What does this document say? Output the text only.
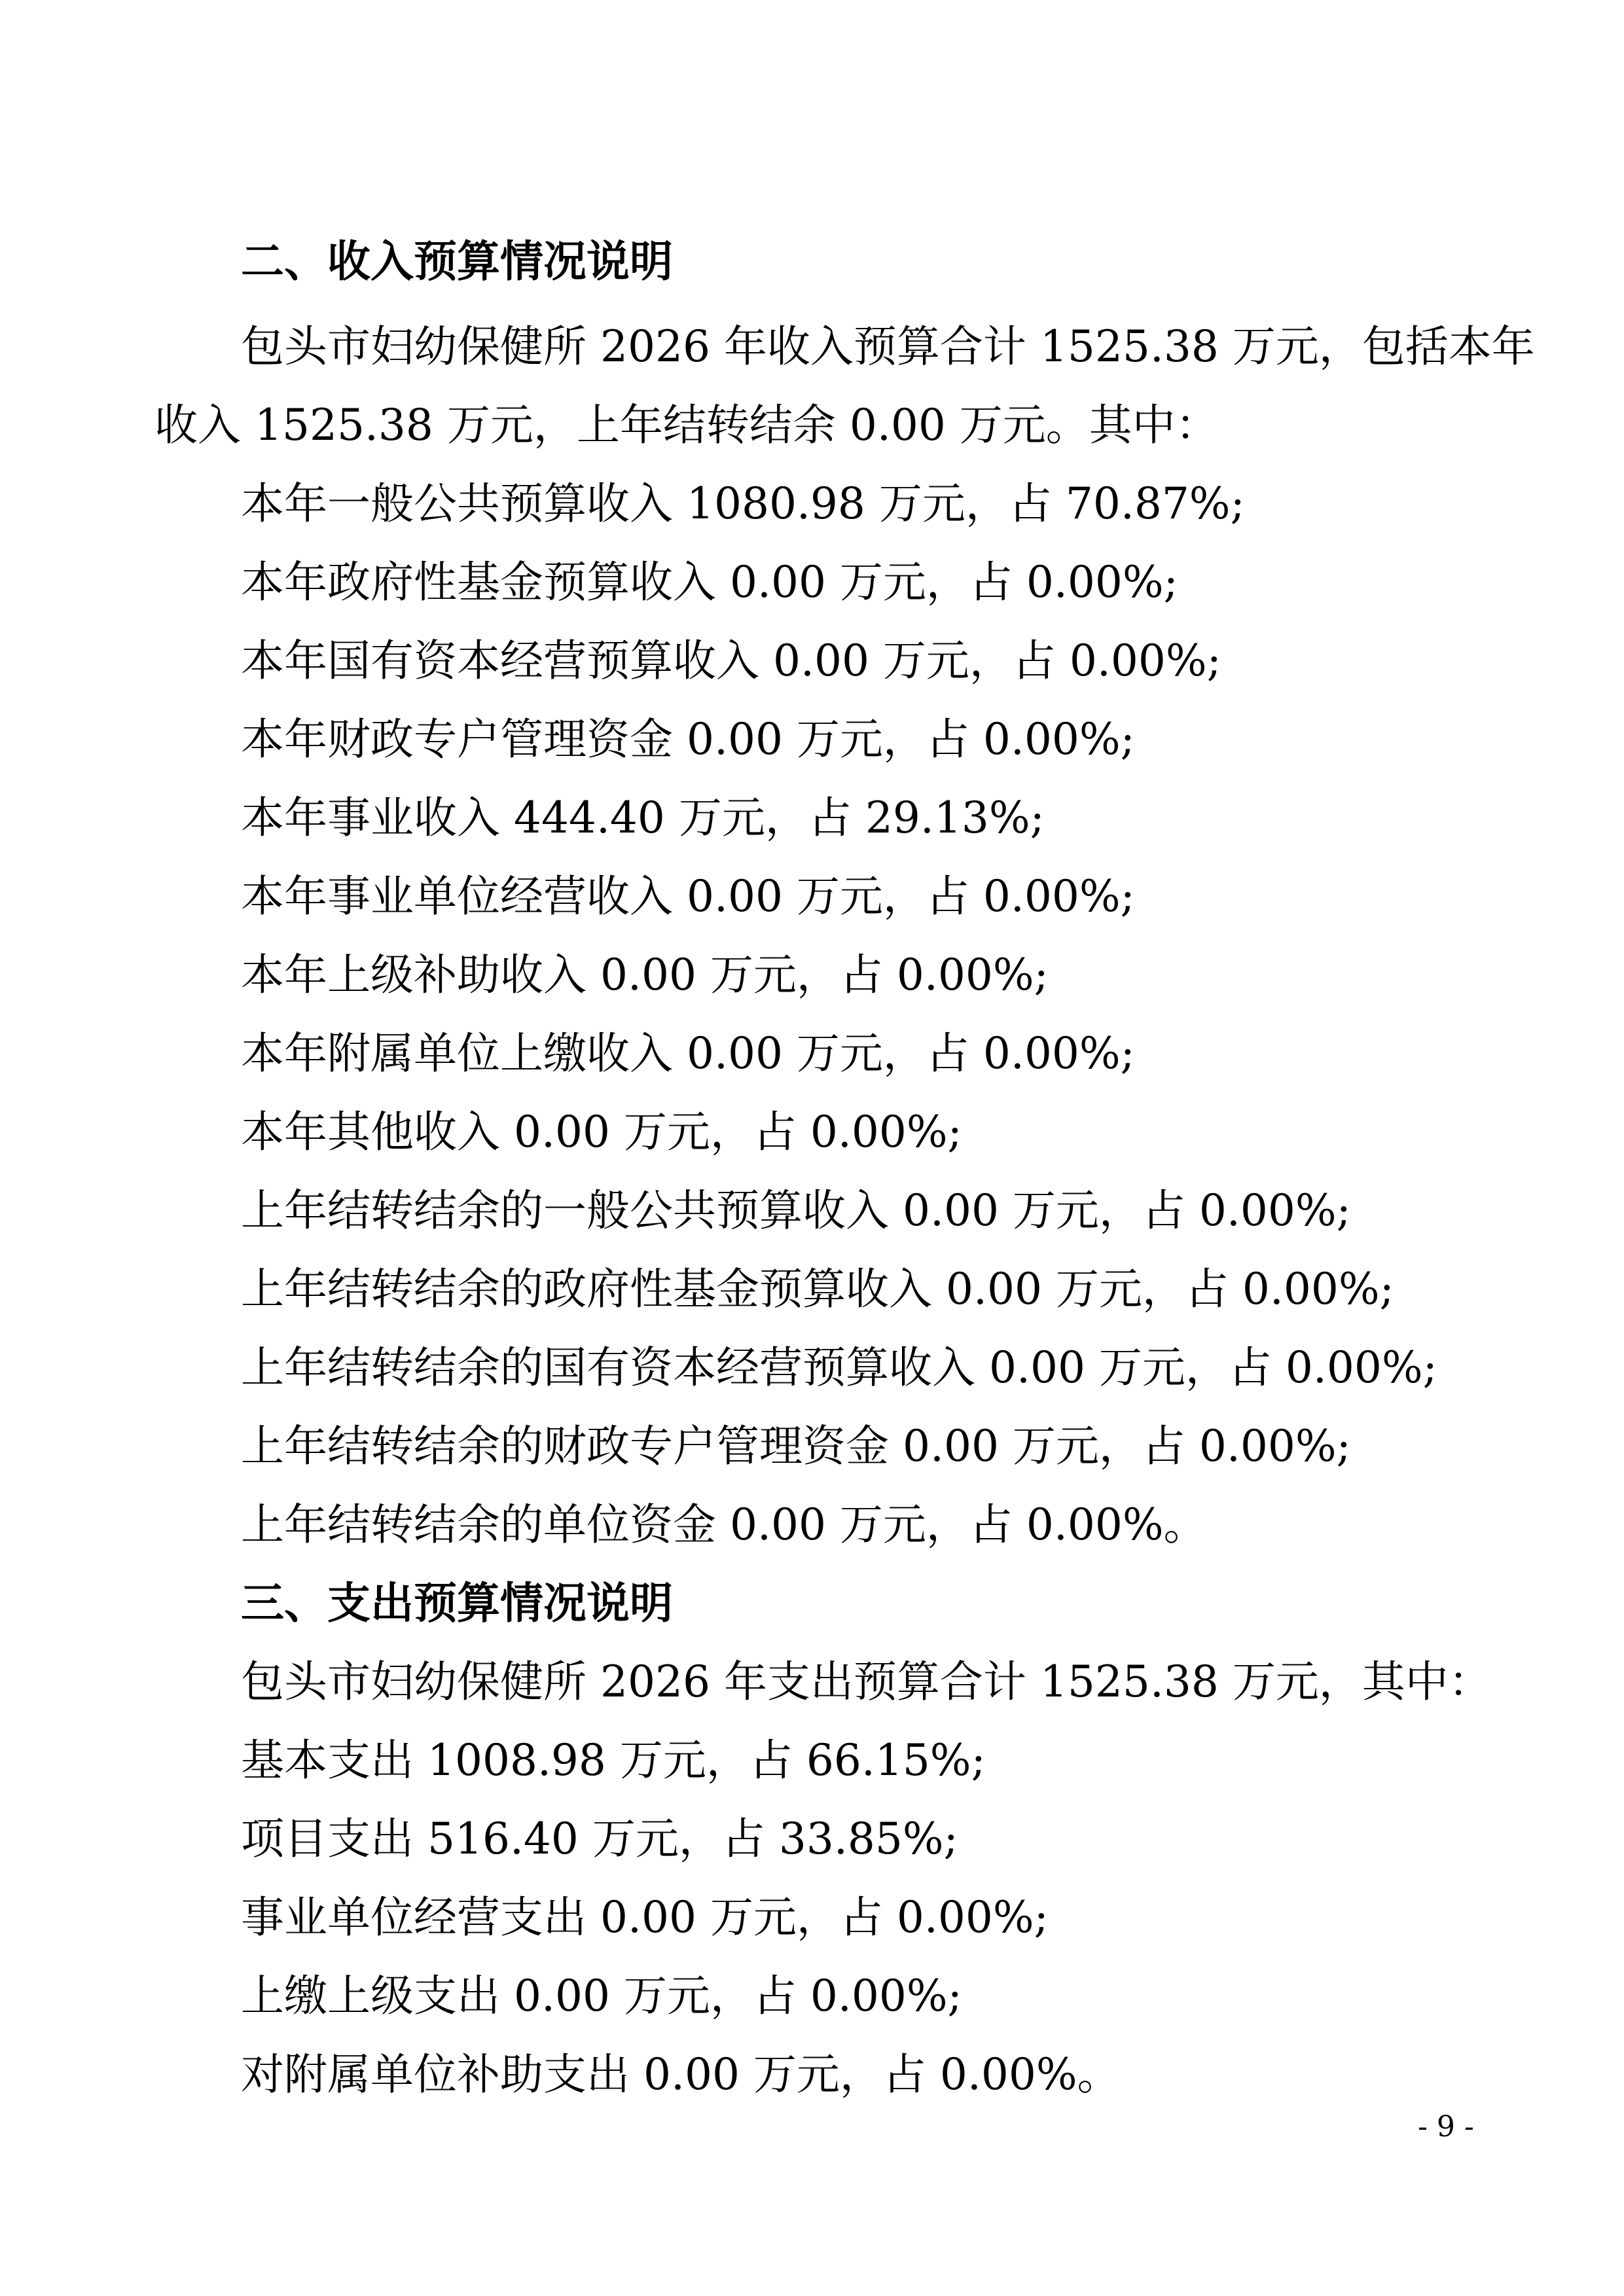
二、收入预算情况说明
包头市妇幼保健所 2026 年收入预算合计 1525.38 万元，包括本年
收入 1525.38 万元，上年结转结余 0.00 万元。其中：
本年一般公共预算收入 1080.98 万元，占 70.87%;
本年政府性基金预算收入 0.00 万元，占 0.00%;
本年国有资本经营预算收入 0.00 万元，占 0.00%;
本年财政专户管理资金 0.00 万元，占 0.00%;
本年事业收入 444.40 万元，占 29.13%;
本年事业单位经营收入 0.00 万元，占 0.00%;
本年上级补助收入 0.00 万元，占 0.00%;
本年附属单位上缴收入 0.00 万元，占 0.00%;
本年其他收入 0.00 万元，占 0.00%;
上年结转结余的一般公共预算收入 0.00 万元，占 0.00%;
上年结转结余的政府性基金预算收入 0.00 万元，占 0.00%;
上年结转结余的国有资本经营预算收入 0.00 万元，占 0.00%;
上年结转结余的财政专户管理资金 0.00 万元，占 0.00%;
上年结转结余的单位资金 0.00 万元，占 0.00%。
三、支出预算情况说明
包头市妇幼保健所 2026 年支出预算合计 1525.38 万元，其中：
基本支出 1008.98 万元，占 66.15%;
项目支出 516.40 万元，占 33.85%;
事业单位经营支出 0.00 万元，占 0.00%;
上缴上级支出 0.00 万元，占 0.00%;
对附属单位补助支出 0.00 万元，占 0.00%。
- 9 -
